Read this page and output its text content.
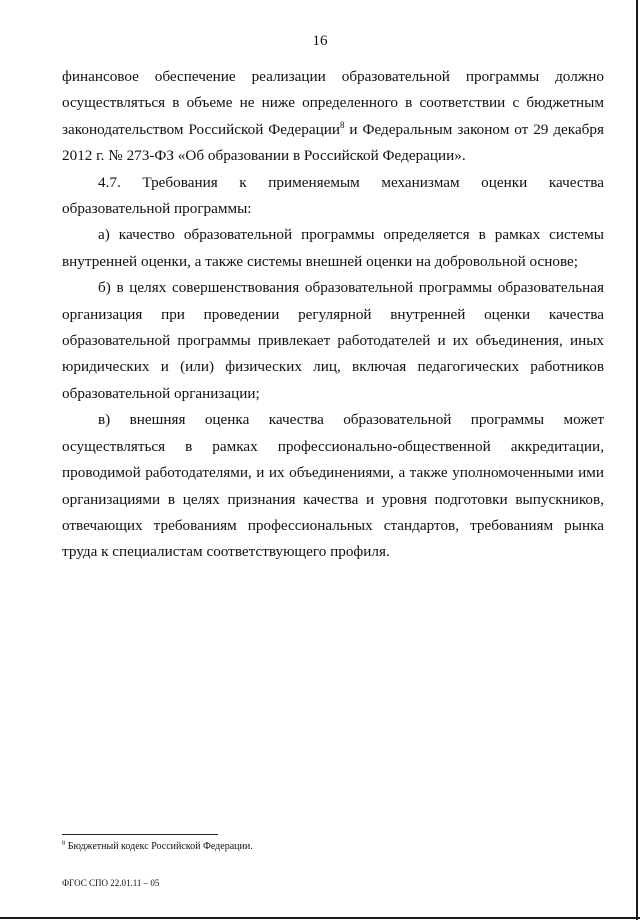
16

финансовое обеспечение реализации образовательной программы должно осуществляться в объеме не ниже определенного в соответствии с бюджетным законодательством Российской Федерации$^8$ и Федеральным законом от 29 декабря 2012 г. № 273-ФЗ «Об образовании в Российской Федерации».

4.7. Требования к применяемым механизмам оценки качества образовательной программы:

а) качество образовательной программы определяется в рамках системы внутренней оценки, а также системы внешней оценки на добровольной основе;

б) в целях совершенствования образовательной программы образовательная организация при проведении регулярной внутренней оценки качества образовательной программы привлекает работодателей и их объединения, иных юридических и (или) физических лиц, включая педагогических работников образовательной организации;

в) внешняя оценка качества образовательной программы может осуществляться в рамках профессионально-общественной аккредитации, проводимой работодателями, и их объединениями, а также уполномоченными ими организациями в целях признания качества и уровня подготовки выпускников, отвечающих требованиям профессиональных стандартов, требованиям рынка труда к специалистам соответствующего профиля.

$^8$ Бюджетный кодекс Российской Федерации.
ФГОС СПО 22.01.11 – 05
